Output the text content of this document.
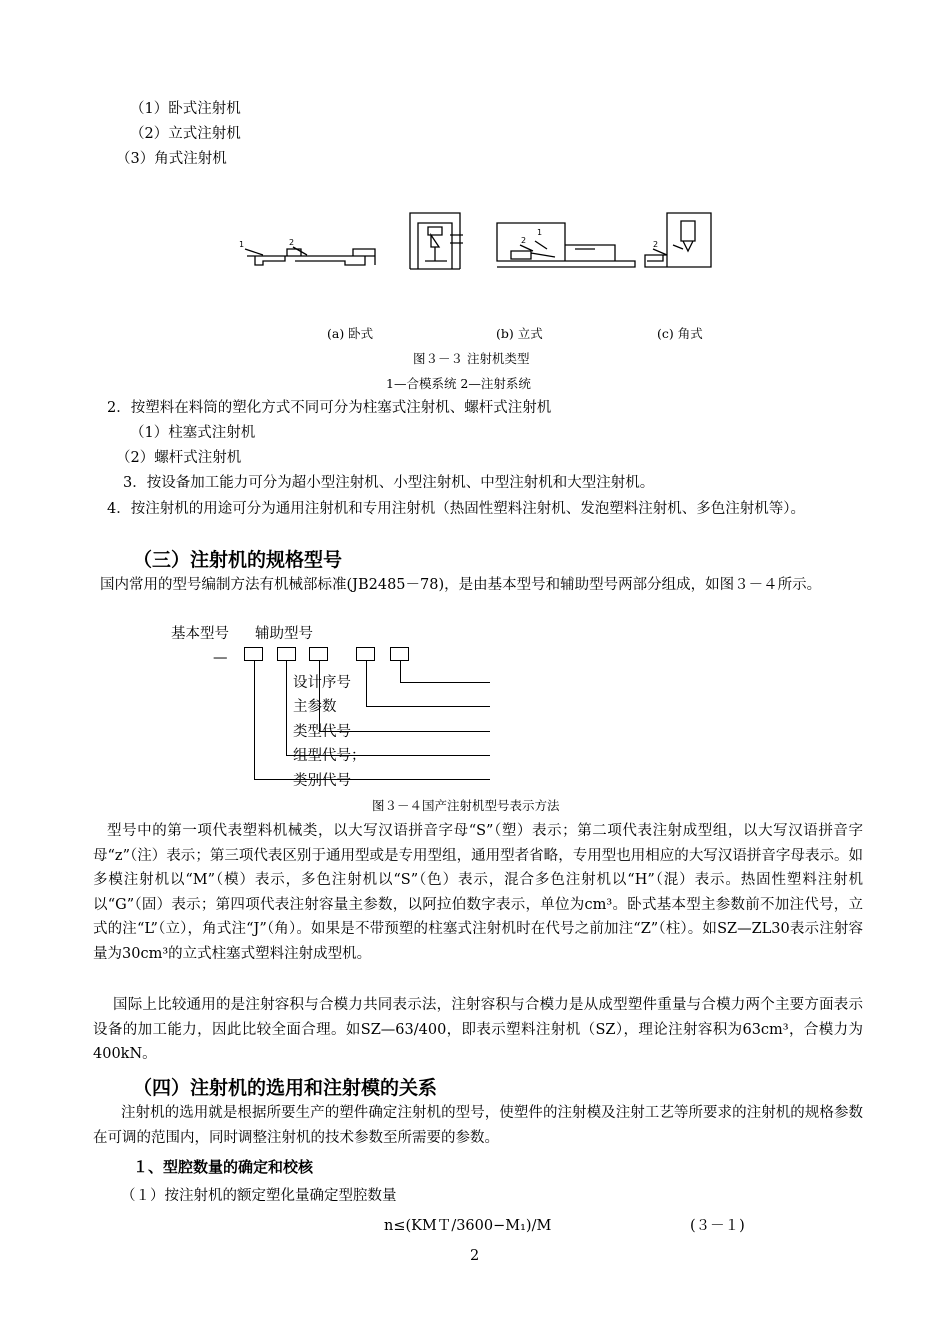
（1）卧式注射机
（2）立式注射机
（3）角式注射机
1	2	2
1
2
(a) 卧式	(b) 立式	(c) 角式
图３－３ 注射机类型
1—合模系统 2—注射系统
2．按塑料在料筒的塑化方式不同可分为柱塞式注射机、螺杆式注射机
（1）柱塞式注射机
（2）螺杆式注射机
3．按设备加工能力可分为超小型注射机、小型注射机、中型注射机和大型注射机。
4．按注射机的用途可分为通用注射机和专用注射机（热固性塑料注射机、发泡塑料注射机、多色注射机等）。
（三）注射机的规格型号
国内常用的型号编制方法有机械部标准(JB2485－78)，是由基本型号和辅助型号两部分组成，如图３－４所示。
基本型号 辅助型号
—
设计序号
主参数
类型代号
组型代号；
类别代号
图３－４国产注射机型号表示方法
型号中的第一项代表塑料机械类，以大写汉语拼音字母“S”（塑）表示；第二项代表注射成型组，以大写汉语拼音字母“z”（注）表示；第三项代表区别于通用型或是专用型组，通用型者省略，专用型也用相应的大写汉语拼音字母表示。如多模注射机以“M”（模）表示，多色注射机以“S”（色）表示，混合多色注射机以“H”（混）表示。热固性塑料注射机以“G”（固）表示；第四项代表注射容量主参数，以阿拉伯数字表示，单位为cm³。卧式基本型主参数前不加注代号，立式的注“L”（立），角式注“J”（角）。如果是不带预塑的柱塞式注射机时在代号之前加注“Z”（柱）。如SZ—ZL30表示注射容量为30cm³的立式柱塞式塑料注射成型机。
国际上比较通用的是注射容积与合模力共同表示法，注射容积与合模力是从成型塑件重量与合模力两个主要方面表示设备的加工能力，因此比较全面合理。如SZ—63/400，即表示塑料注射机（SZ），理论注射容积为63cm³，合模力为400kN。
（四）注射机的选用和注射模的关系
注射机的选用就是根据所要生产的塑件确定注射机的型号，使塑件的注射模及注射工艺等所要求的注射机的规格参数在可调的范围内，同时调整注射机的技术参数至所需要的参数。
１、型腔数量的确定和校核
（１）按注射机的额定塑化量确定型腔数量
n≤(KMＴ/3600−M₁)/M	(３－１)
2
